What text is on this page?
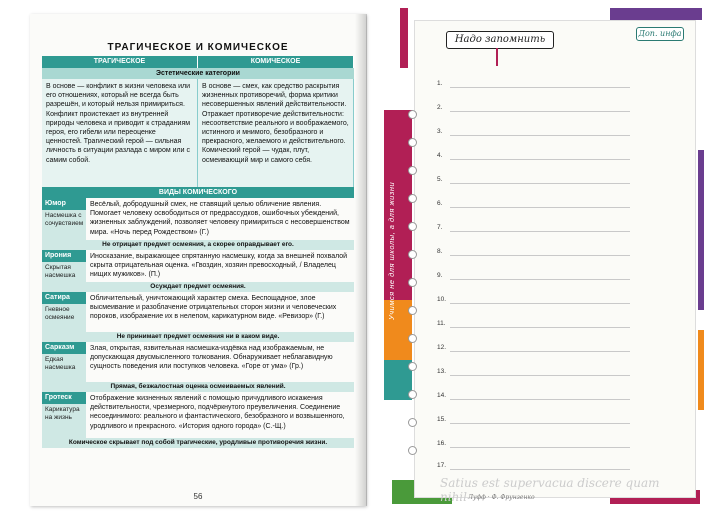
ТРАГИЧЕСКОЕ И КОМИЧЕСКОЕ
ТРАГИЧЕСКОЕ	КОМИЧЕСКОЕ
Эстетические категории
В основе — конфликт в жизни человека или его отношениях, который не всегда быть разрешён, и который нельзя примириться. Конфликт проистекает из внутренней природы человека и приводит к страданиям героя, его гибели или переоценке ценностей. Трагический герой — сильная личность в ситуации разлада с миром или с самим собой.
В основе — смех, как средство раскрытия жизненных противоречий, форма критики несовершенных явлений действительности. Отражает противоречие действительности: несоответствие реального и воображаемого, истинного и мнимого, безобразного и прекрасного, желаемого и действительного. Комический герой — чудак, плут, осмеивающий мир и самого себя.
ВИДЫ КОМИЧЕСКОГО
Юмор
Насмешка с сочувствием
Весёлый, добродушный смех, не ставящий целью обличение явления. Помогает человеку освободиться от предрассудков, ошибочных убеждений, жизненных заблуждений, позволяет человеку примириться с несовершенством мира. «Ночь перед Рождеством» (Г.)
Не отрицает предмет осмеяния, а скорее оправдывает его.
Ирония
Скрытая насмешка
Иносказание, выражающее спрятанную насмешку, когда за внешней похвалой скрыта отрицательная оценка. «Гвоздин, хозяин превосходный, / Владелец нищих мужиков». (П.)
Осуждает предмет осмеяния.
Сатира
Гневное осмеяние
Обличительный, уничтожающий характер смеха. Беспощадное, злое высмеивание и разоблачение отрицательных сторон жизни и человеческих пороков, изображение их в нелепом, карикатурном виде. «Ревизор» (Г.)
Не принимает предмет осмеяния ни в каком виде.
Сарказм
Едкая насмешка
Злая, открытая, язвительная насмешка-издёвка над изображаемым, не допускающая двусмысленного толкования. Обнаруживает неблагавидную сущность поведения или поступков человека. «Горе от ума» (Гр.)
Прямая, безжалостная оценка осмеиваемых явлений.
Гротеск
Карикатура на жизнь
Отображение жизненных явлений с помощью причудливого искажения действительности, чрезмерного, подчёркнутого преувеличения. Соединение несоединимого: реального и фантастического, безобразного и возвышенного, уродливого и прекрасного. «История одного города» (С.-Щ.)
Комическое скрывает под собой трагические, уродливые противоречия жизни.
56
Учимся не для школы, а для жизни
Надо запомнить
Доп. инфа
1.
2.
3.
4.
5.
6.
7.
8.
9.
10.
11.
12.
13.
14.
15.
16.
17.
Satius est supervacua discere quam nihil Луфф · Ф. Фрунзенко
